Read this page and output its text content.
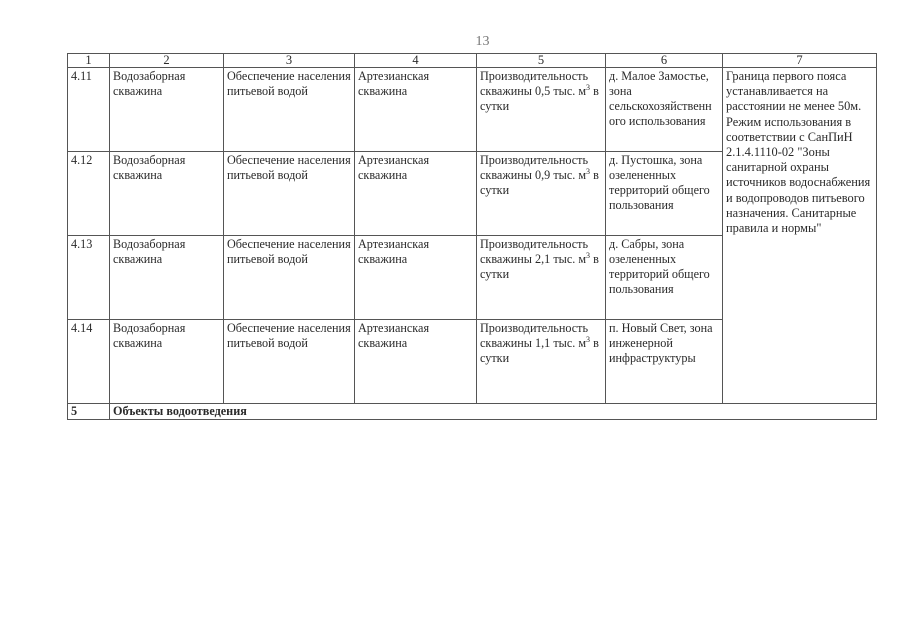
13
1	2	3	4	5	6	7
4.11	Водозаборная скважина	Обеспечение населения питьевой водой	Артезианская скважина	Производительность скважины 0,5 тыс. $м^3$ в сутки	д. Малое Замостье, зона сельскохозяйственн ого использования	Граница первого пояса устанавливается на расстоянии не менее 50м. Режим использования в соответствии с СанПиН 2.1.4.1110-02 "Зоны санитарной охраны источников водоснабжения и водопроводов питьевого назначения. Санитарные правила и нормы"
4.12	Водозаборная скважина	Обеспечение населения питьевой водой	Артезианская скважина	Производительность скважины 0,9 тыс. $м^3$ в сутки	д. Пустошка, зона озелененных территорий общего пользования	
4.13	Водозаборная скважина	Обеспечение населения питьевой водой	Артезианская скважина	Производительность скважины 2,1 тыс. $м^3$ в сутки	д. Сабры, зона озелененных территорий общего пользования	
4.14	Водозаборная скважина	Обеспечение населения питьевой водой	Артезианская скважина	Производительность скважины 1,1 тыс. $м^3$ в сутки	п. Новый Свет, зона инженерной инфраструктуры	
5	Объекты водоотведения					
